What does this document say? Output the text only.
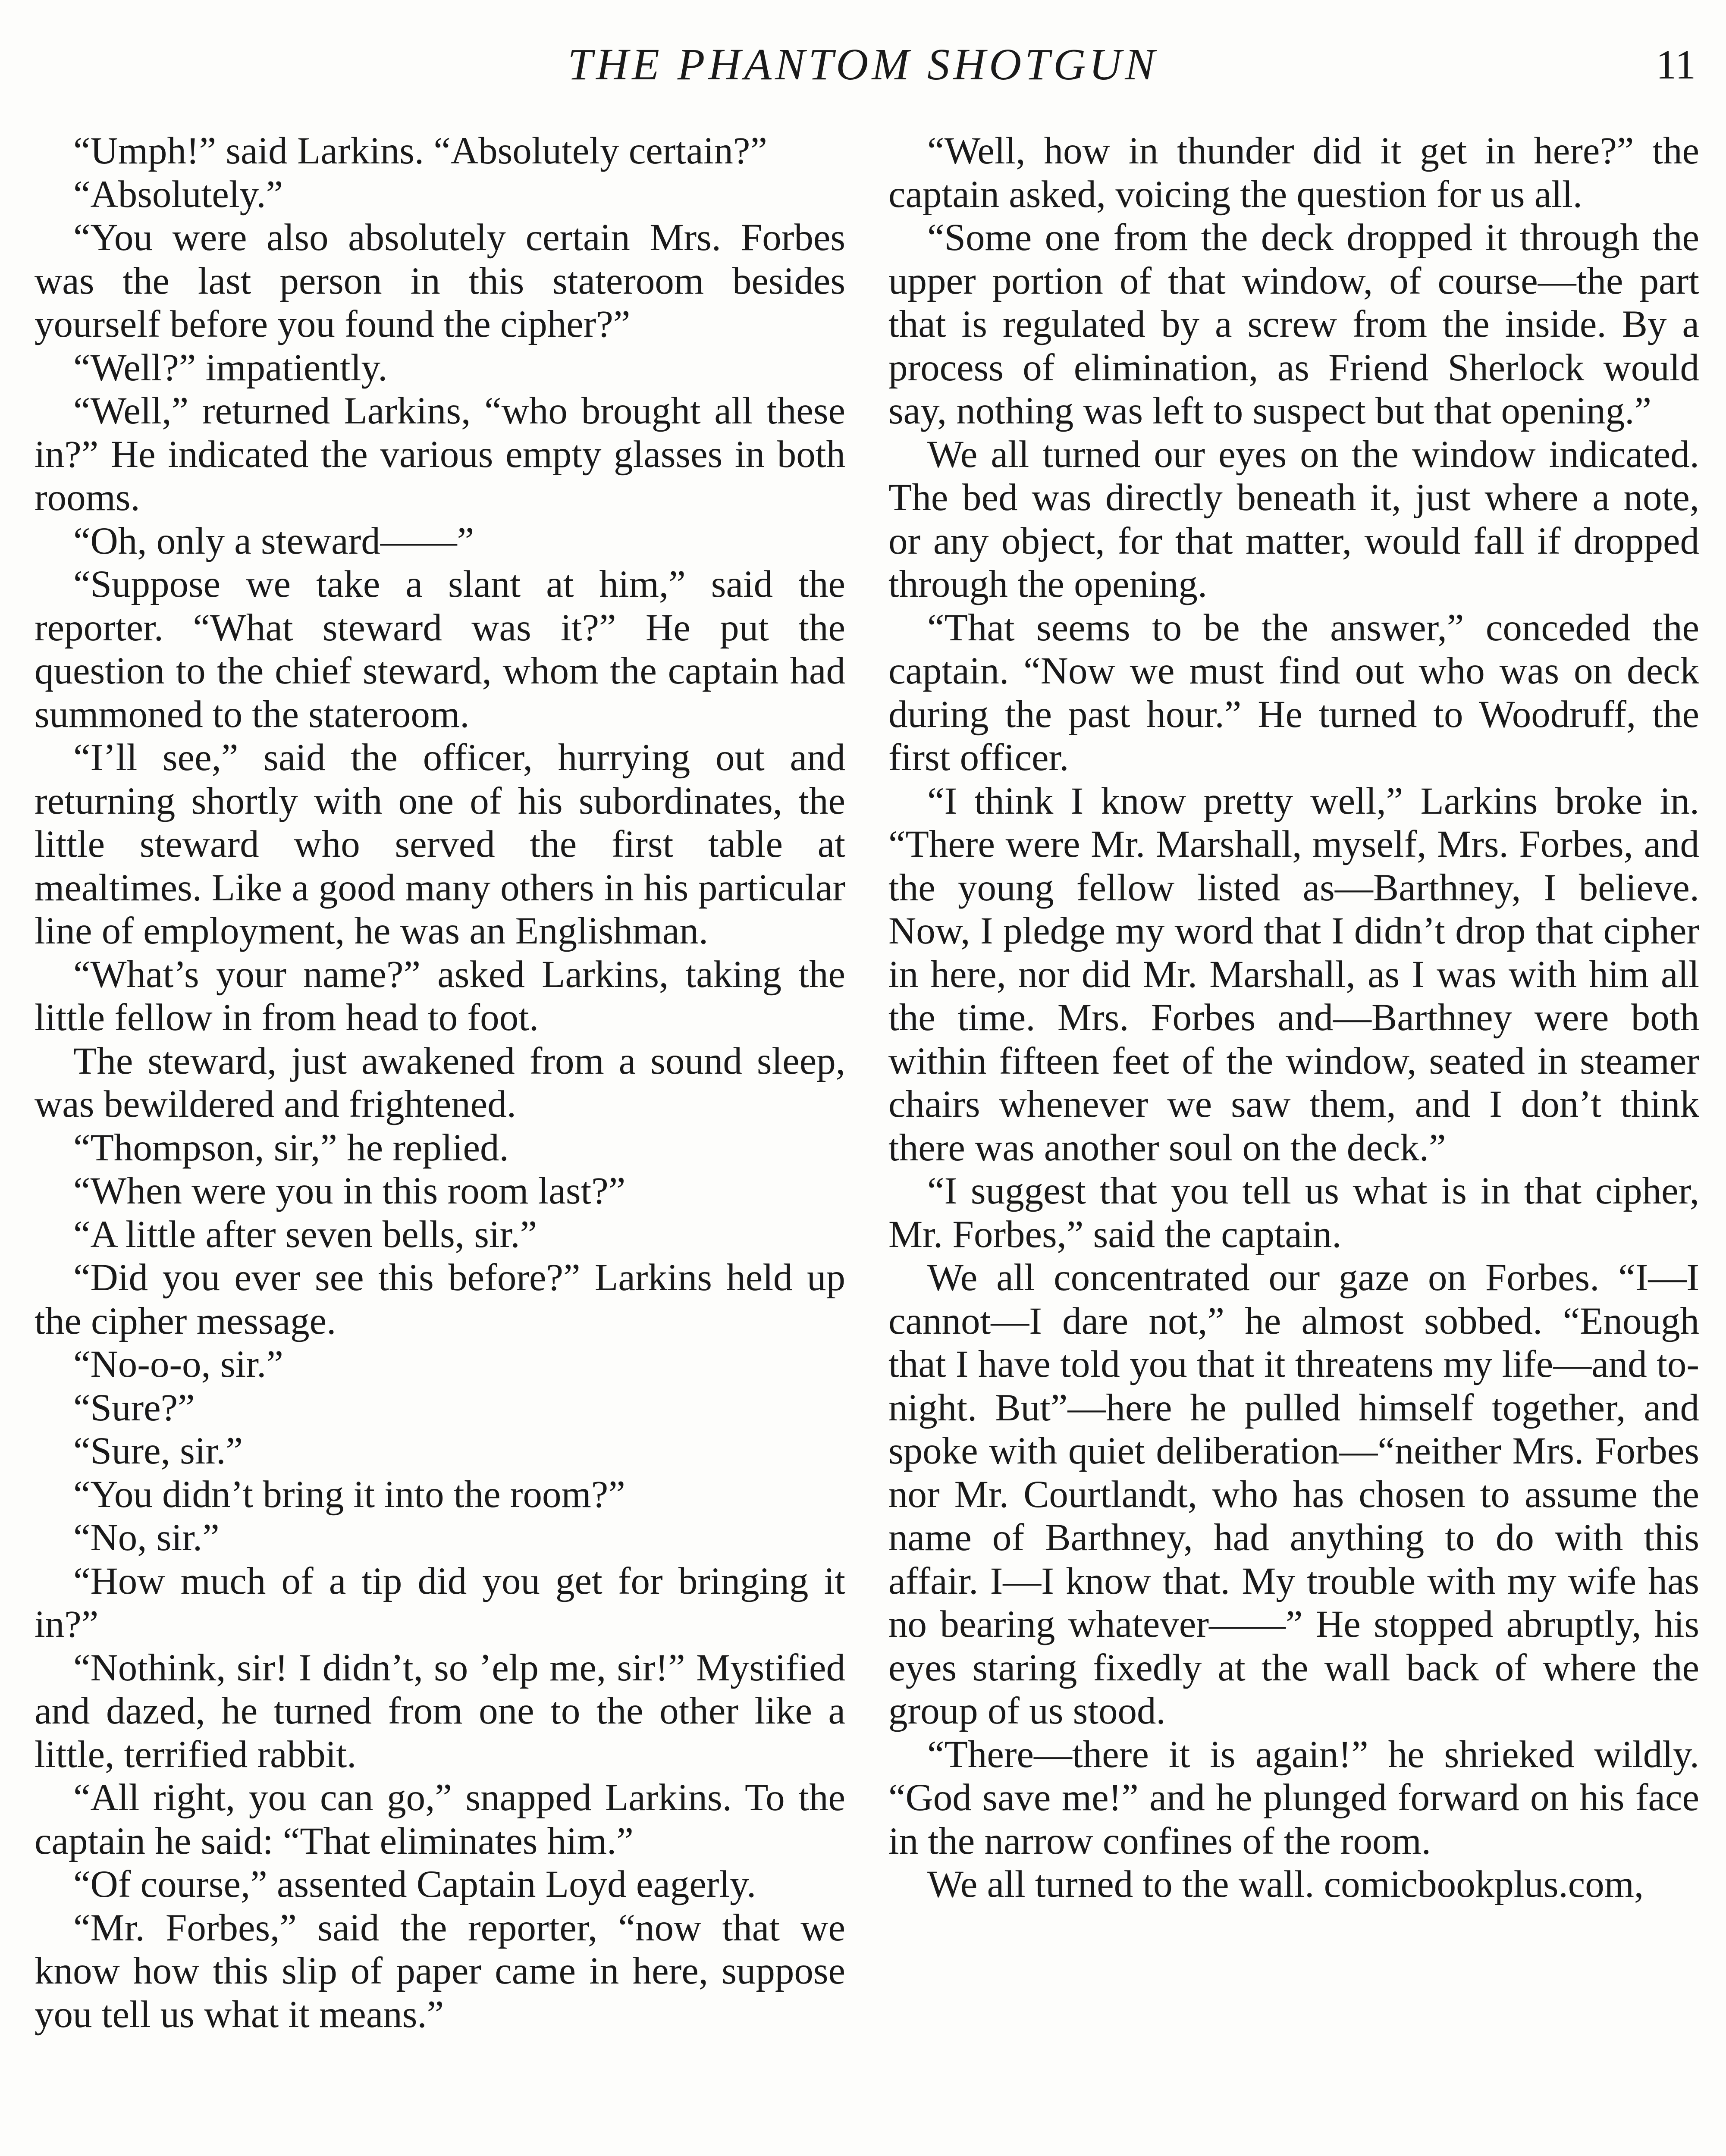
THE PHANTOM SHOTGUN	11

“Umph!” said Larkins. “Absolutely certain?”

“Absolutely.”

“You were also absolutely certain Mrs. Forbes was the last person in this stateroom besides yourself before you found the cipher?”

“Well?” impatiently.

“Well,” returned Larkins, “who brought all these in?” He indicated the various empty glasses in both rooms.

“Oh, only a steward——”

“Suppose we take a slant at him,” said the reporter. “What steward was it?” He put the question to the chief steward, whom the captain had summoned to the stateroom.

“I’ll see,” said the officer, hurrying out and returning shortly with one of his subordinates, the little steward who served the first table at mealtimes. Like a good many others in his particular line of employment, he was an Englishman.

“What’s your name?” asked Larkins, taking the little fellow in from head to foot.

The steward, just awakened from a sound sleep, was bewildered and frightened.

“Thompson, sir,” he replied.

“When were you in this room last?”

“A little after seven bells, sir.”

“Did you ever see this before?” Larkins held up the cipher message.

“No-o-o, sir.”

“Sure?”

“Sure, sir.”

“You didn’t bring it into the room?”

“No, sir.”

“How much of a tip did you get for bringing it in?”

“Nothink, sir! I didn’t, so ’elp me, sir!” Mystified and dazed, he turned from one to the other like a little, terrified rabbit.

“All right, you can go,” snapped Larkins. To the captain he said: “That eliminates him.”

“Of course,” assented Captain Loyd eagerly.

“Mr. Forbes,” said the reporter, “now that we know how this slip of paper came in here, suppose you tell us what it means.”

“Well, how in thunder did it get in here?” the captain asked, voicing the question for us all.

“Some one from the deck dropped it through the upper portion of that window, of course—the part that is regulated by a screw from the inside. By a process of elimination, as Friend Sherlock would say, nothing was left to suspect but that opening.”

We all turned our eyes on the window indicated. The bed was directly beneath it, just where a note, or any object, for that matter, would fall if dropped through the opening.

“That seems to be the answer,” conceded the captain. “Now we must find out who was on deck during the past hour.” He turned to Woodruff, the first officer.

“I think I know pretty well,” Larkins broke in. “There were Mr. Marshall, myself, Mrs. Forbes, and the young fellow listed as—Barthney, I believe. Now, I pledge my word that I didn’t drop that cipher in here, nor did Mr. Marshall, as I was with him all the time. Mrs. Forbes and—Barthney were both within fifteen feet of the window, seated in steamer chairs whenever we saw them, and I don’t think there was another soul on the deck.”

“I suggest that you tell us what is in that cipher, Mr. Forbes,” said the captain.

We all concentrated our gaze on Forbes. “I—I cannot—I dare not,” he almost sobbed. “Enough that I have told you that it threatens my life—and to-night. But”—here he pulled himself together, and spoke with quiet deliberation—“neither Mrs. Forbes nor Mr. Courtlandt, who has chosen to assume the name of Barthney, had anything to do with this affair. I—I know that. My trouble with my wife has no bearing whatever——” He stopped abruptly, his eyes staring fixedly at the wall back of where the group of us stood.

“There—there it is again!” he shrieked wildly. “God save me!” and he plunged forward on his face in the narrow confines of the room.

We all turned to the wall. comicbookplus.com,
